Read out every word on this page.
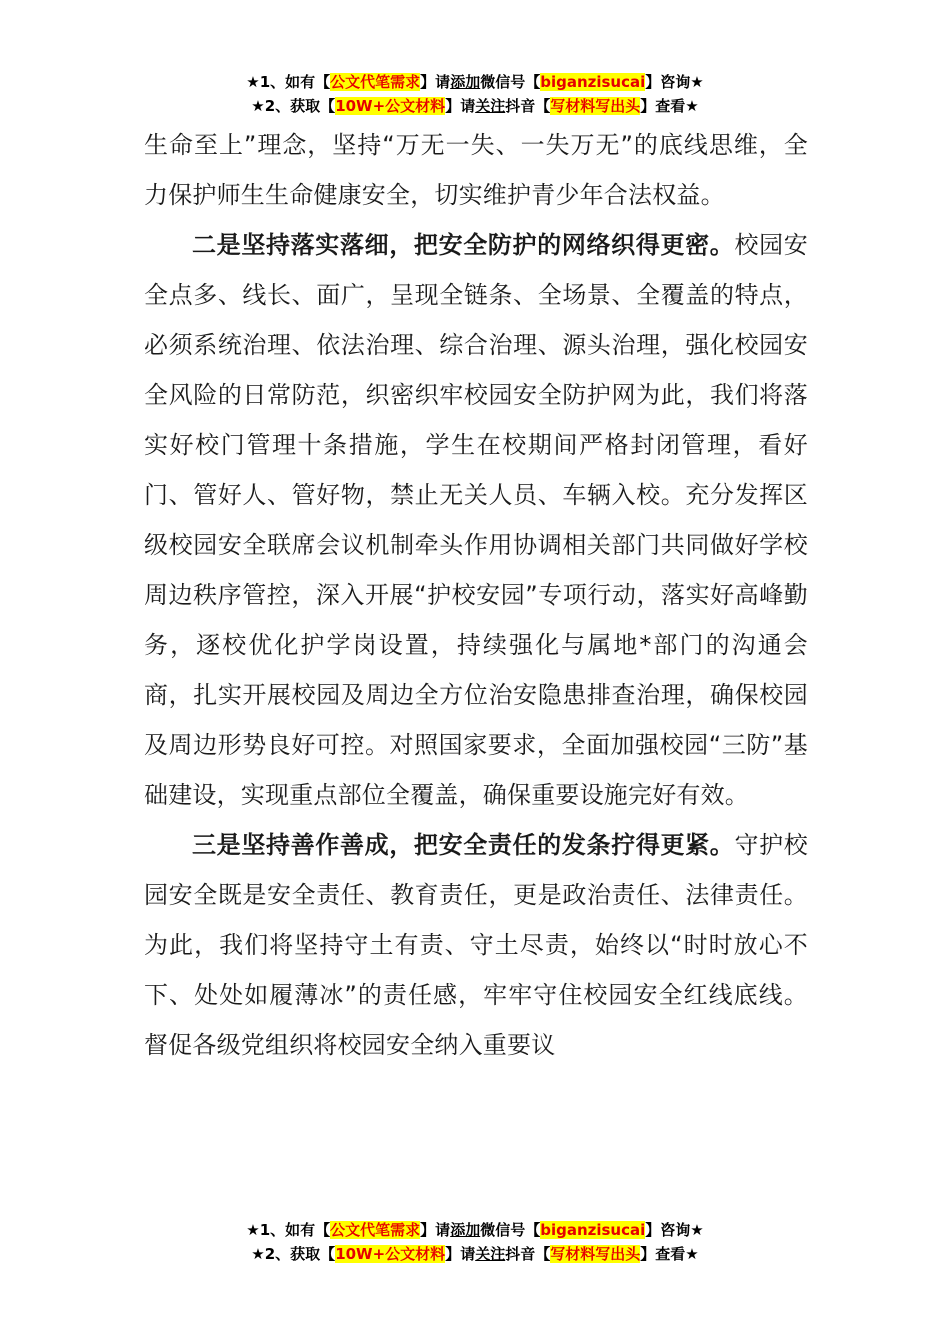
★1、如有【公文代笔需求】请添加微信号【biganzisucai】咨询★
★2、获取【10W+公文材料】请关注抖音【写材料写出头】查看★

生命至上”理念，坚持“万无一失、一失万无”的底线思维，全力保护师生生命健康安全，切实维护青少年合法权益。

二是坚持落实落细，把安全防护的网络织得更密。校园安全点多、线长、面广，呈现全链条、全场景、全覆盖的特点，必须系统治理、依法治理、综合治理、源头治理，强化校园安全风险的日常防范，织密织牢校园安全防护网为此，我们将落实好校门管理十条措施，学生在校期间严格封闭管理，看好门、管好人、管好物，禁止无关人员、车辆入校。充分发挥区级校园安全联席会议机制牵头作用协调相关部门共同做好学校周边秩序管控，深入开展“护校安园”专项行动，落实好高峰勤务，逐校优化护学岗设置，持续强化与属地*部门的沟通会商，扎实开展校园及周边全方位治安隐患排查治理，确保校园及周边形势良好可控。对照国家要求，全面加强校园“三防”基础建设，实现重点部位全覆盖，确保重要设施完好有效。

三是坚持善作善成，把安全责任的发条拧得更紧。守护校园安全既是安全责任、教育责任，更是政治责任、法律责任。为此，我们将坚持守土有责、守土尽责，始终以“时时放心不下、处处如履薄冰”的责任感，牢牢守住校园安全红线底线。督促各级党组织将校园安全纳入重要议

★1、如有【公文代笔需求】请添加微信号【biganzisucai】咨询★
★2、获取【10W+公文材料】请关注抖音【写材料写出头】查看★
